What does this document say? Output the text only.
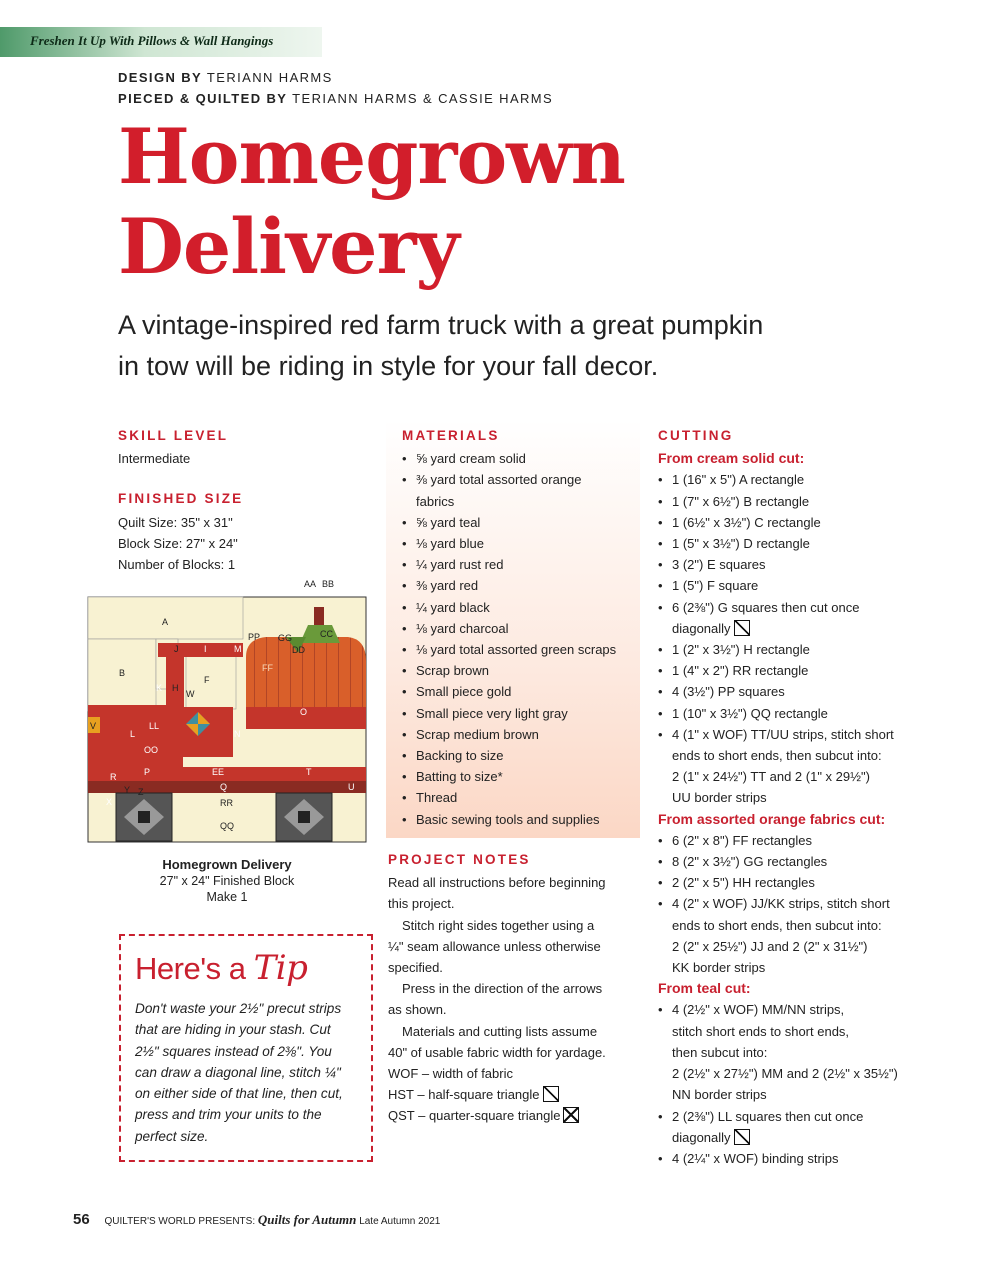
Freshen It Up With Pillows & Wall Hangings
DESIGN BY TERIANN HARMS
PIECED & QUILTED BY TERIANN HARMS & CASSIE HARMS
Homegrown
Delivery

A vintage-inspired red farm truck with a great pumpkin
in tow will be riding in style for your fall decor.

SKILL LEVEL
Intermediate
FINISHED SIZE
Quilt Size: 35" x 31"
Block Size: 27" x 24"
Number of Blocks: 1
A
AA BB
CC
DD
GG
PP
B
F
M
I
J
K H
W
FF
O
V
L
LL
OO
N
R	P	EE	T
Q	U
X
Y Z
RR
QQ
Homegrown Delivery
27" x 24" Finished Block
Make 1
Here's a Tip
Don't waste your 2½" precut strips
that are hiding in your stash. Cut
2½" squares instead of 2⅜". You
can draw a diagonal line, stitch ¼"
on either side of that line, then cut,
press and trim your units to the
perfect size.
MATERIALS
• ⅝ yard cream solid
• ⅜ yard total assorted orange
fabrics
• ⅝ yard teal
• ⅛ yard blue
• ¼ yard rust red
• ⅜ yard red
• ¼ yard black
• ⅛ yard charcoal
• ⅛ yard total assorted green scraps
• Scrap brown
• Small piece gold
• Small piece very light gray
• Scrap medium brown
• Backing to size
• Batting to size*
• Thread
• Basic sewing tools and supplies
PROJECT NOTES
Read all instructions before beginning
this project.
Stitch right sides together using a
¼" seam allowance unless otherwise
specified.
Press in the direction of the arrows
as shown.
Materials and cutting lists assume
40" of usable fabric width for yardage.
WOF – width of fabric
HST – half-square triangle
QST – quarter-square triangle
CUTTING
From cream solid cut:
• 1 (16" x 5") A rectangle
• 1 (7" x 6½") B rectangle
• 1 (6½" x 3½") C rectangle
• 1 (5" x 3½") D rectangle
• 3 (2") E squares
• 1 (5") F square
• 6 (2⅜") G squares then cut once
diagonally
• 1 (2" x 3½") H rectangle
• 1 (4" x 2") RR rectangle
• 4 (3½") PP squares
• 1 (10" x 3½") QQ rectangle
• 4 (1" x WOF) TT/UU strips, stitch short
ends to short ends, then subcut into:
2 (1" x 24½") TT and 2 (1" x 29½")
UU border strips
From assorted orange fabrics cut:
• 6 (2" x 8") FF rectangles
• 8 (2" x 3½") GG rectangles
• 2 (2" x 5") HH rectangles
• 4 (2" x WOF) JJ/KK strips, stitch short
ends to short ends, then subcut into:
2 (2" x 25½") JJ and 2 (2" x 31½")
KK border strips
From teal cut:
• 4 (2½" x WOF) MM/NN strips,
stitch short ends to short ends,
then subcut into:
2 (2½" x 27½") MM and 2 (2½" x 35½")
NN border strips
• 2 (2⅜") LL squares then cut once
diagonally
• 4 (2¼" x WOF) binding strips
56 QUILTER'S WORLD PRESENTS: Quilts for Autumn Late Autumn 2021
